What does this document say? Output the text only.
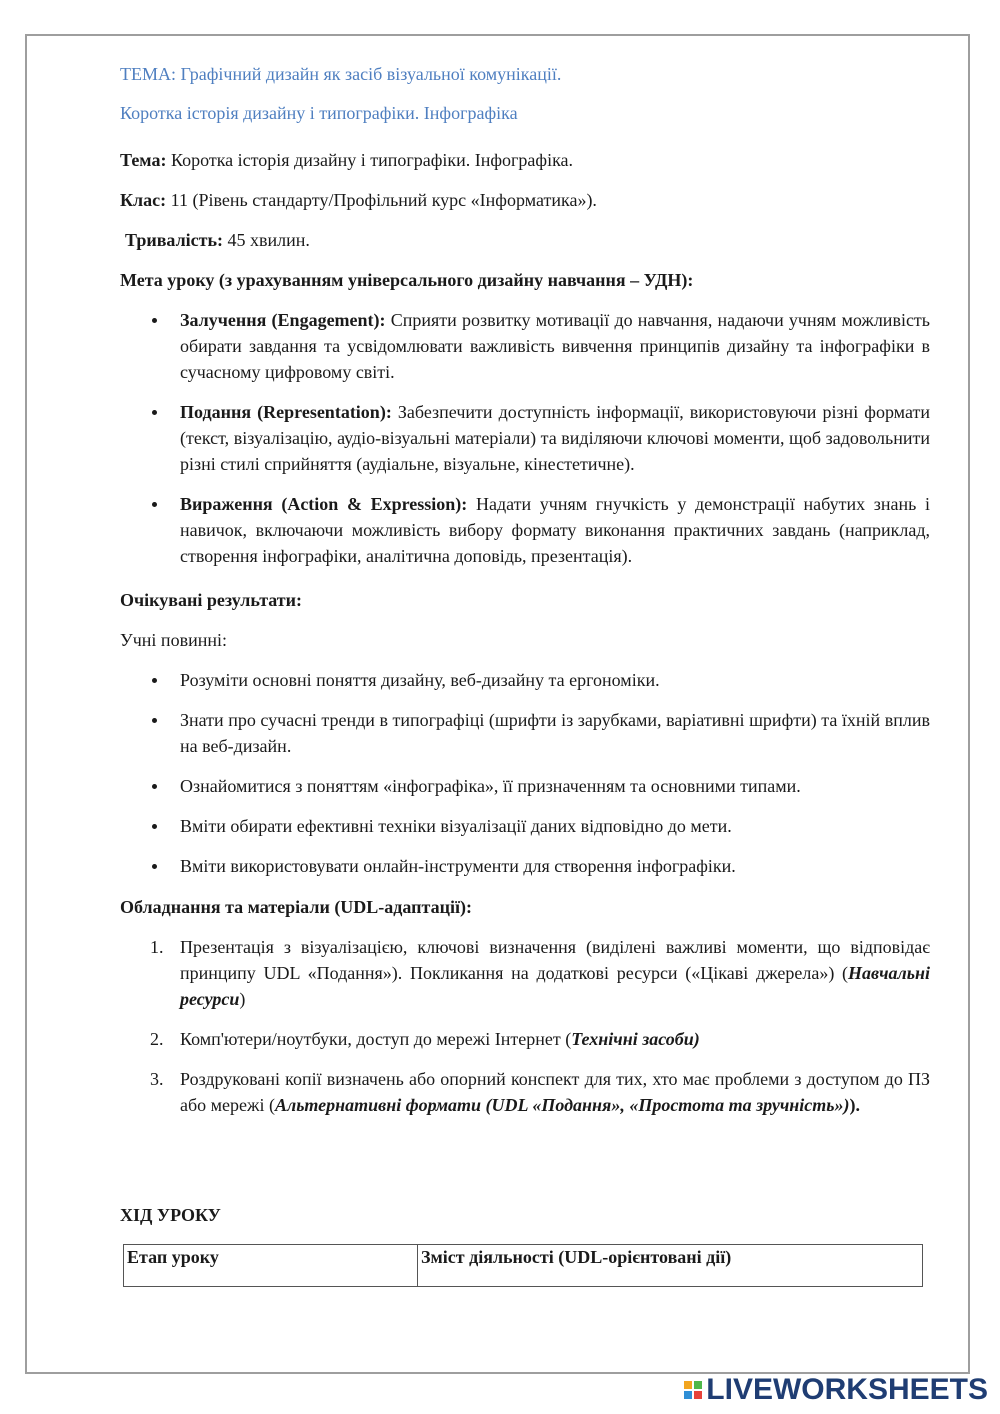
ТЕМА: Графічний дизайн як засіб візуальної комунікації.

Коротка історія дизайну і типографіки. Інфографіка

Тема: Коротка історія дизайну і типографіки. Інфографіка.

Клас: 11 (Рівень стандарту/Профільний курс «Інформатика»).

Тривалість: 45 хвилин.

Мета уроку (з урахуванням універсального дизайну навчання – УДН):

Залучення (Engagement): Сприяти розвитку мотивації до навчання, надаючи учням можливість обирати завдання та усвідомлювати важливість вивчення принципів дизайну та інфографіки в сучасному цифровому світі.
Подання (Representation): Забезпечити доступність інформації, використовуючи різні формати (текст, візуалізацію, аудіо-візуальні матеріали) та виділяючи ключові моменти, щоб задовольнити різні стилі сприйняття (аудіальне, візуальне, кінестетичне).
Вираження (Action & Expression): Надати учням гнучкість у демонстрації набутих знань і навичок, включаючи можливість вибору формату виконання практичних завдань (наприклад, створення інфографіки, аналітична доповідь, презентація).

Очікувані результати:

Учні повинні:

Розуміти основні поняття дизайну, веб-дизайну та ергономіки.
Знати про сучасні тренди в типографіці (шрифти із зарубками, варіативні шрифти) та їхній вплив на веб-дизайн.
Ознайомитися з поняттям «інфографіка», її призначенням та основними типами.
Вміти обирати ефективні техніки візуалізації даних відповідно до мети.
Вміти використовувати онлайн-інструменти для створення інфографіки.

Обладнання та матеріали (UDL-адаптації):

1. Презентація з візуалізацією, ключові визначення (виділені важливі моменти, що відповідає принципу UDL «Подання»). Покликання на додаткові ресурси («Цікаві джерела») (Навчальні ресурси)
2. Комп'ютери/ноутбуки, доступ до мережі Інтернет (Технічні засоби)
3. Роздруковані копії визначень або опорний конспект для тих, хто має проблеми з доступом до ПЗ або мережі (Альтернативні формати (UDL «Подання», «Простота та зручність»)).

ХІД УРОКУ

Етап уроку	Зміст діяльності (UDL-орієнтовані дії)
LIVEWORKSHEETS
